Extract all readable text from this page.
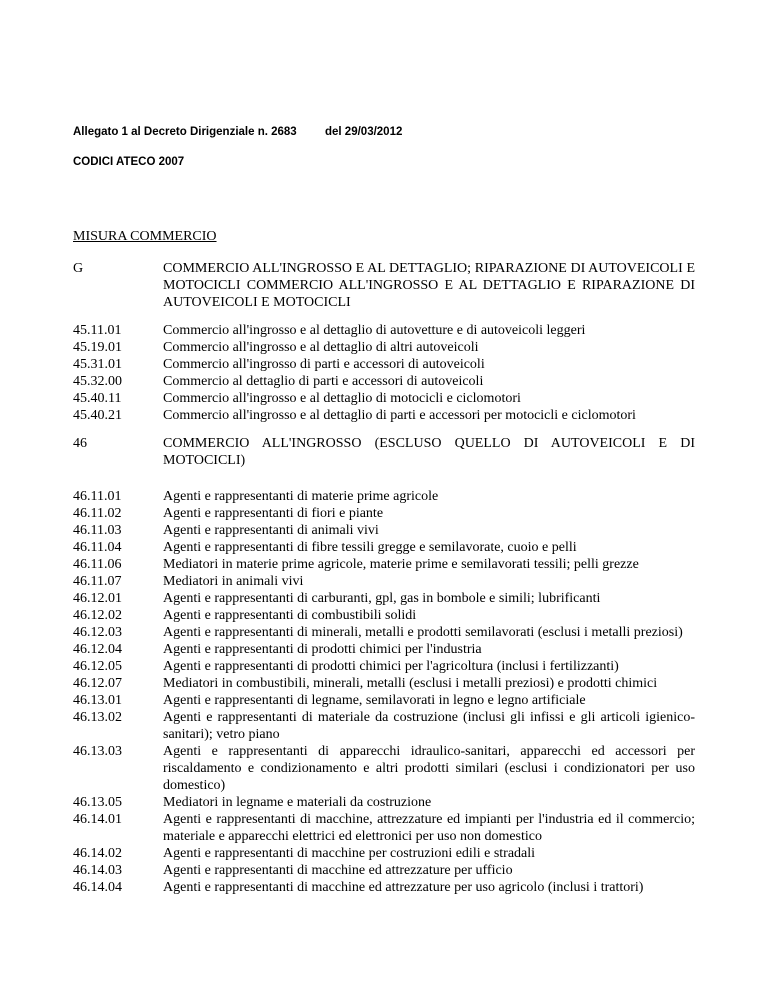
Allegato 1 al Decreto Dirigenziale n. 2683 del 29/03/2012
CODICI ATECO 2007
MISURA COMMERCIO
G	COMMERCIO ALL'INGROSSO E AL DETTAGLIO; RIPARAZIONE DI AUTOVEICOLI E MOTOCICLI COMMERCIO ALL'INGROSSO E AL DETTAGLIO E RIPARAZIONE DI AUTOVEICOLI E MOTOCICLI
45.11.01	Commercio all'ingrosso e al dettaglio di autovetture e di autoveicoli leggeri
45.19.01	Commercio all'ingrosso e al dettaglio di altri autoveicoli
45.31.01	Commercio all'ingrosso di parti e accessori di autoveicoli
45.32.00	Commercio al dettaglio di parti e accessori di autoveicoli
45.40.11	Commercio all'ingrosso e al dettaglio di motocicli e ciclomotori
45.40.21	Commercio all'ingrosso e al dettaglio di parti e accessori per motocicli e ciclomotori
46	COMMERCIO ALL'INGROSSO (ESCLUSO QUELLO DI AUTOVEICOLI E DI MOTOCICLI)
46.11.01	Agenti e rappresentanti di materie prime agricole
46.11.02	Agenti e rappresentanti di fiori e piante
46.11.03	Agenti e rappresentanti di animali vivi
46.11.04	Agenti e rappresentanti di fibre tessili gregge e semilavorate, cuoio e pelli
46.11.06	Mediatori in materie prime agricole, materie prime e semilavorati tessili; pelli grezze
46.11.07	Mediatori in animali vivi
46.12.01	Agenti e rappresentanti di carburanti, gpl, gas in bombole e simili; lubrificanti
46.12.02	Agenti e rappresentanti di combustibili solidi
46.12.03	Agenti e rappresentanti di minerali, metalli e prodotti semilavorati (esclusi i metalli preziosi)
46.12.04	Agenti e rappresentanti di prodotti chimici per l'industria
46.12.05	Agenti e rappresentanti di prodotti chimici per l'agricoltura (inclusi i fertilizzanti)
46.12.07	Mediatori in combustibili, minerali, metalli (esclusi i metalli preziosi) e prodotti chimici
46.13.01	Agenti e rappresentanti di legname, semilavorati in legno e legno artificiale
46.13.02	Agenti e rappresentanti di materiale da costruzione (inclusi gli infissi e gli articoli igienico-sanitari); vetro piano
46.13.03	Agenti e rappresentanti di apparecchi idraulico-sanitari, apparecchi ed accessori per riscaldamento e condizionamento e altri prodotti similari (esclusi i condizionatori per uso domestico)
46.13.05	Mediatori in legname e materiali da costruzione
46.14.01	Agenti e rappresentanti di macchine, attrezzature ed impianti per l'industria ed il commercio; materiale e apparecchi elettrici ed elettronici per uso non domestico
46.14.02	Agenti e rappresentanti di macchine per costruzioni edili e stradali
46.14.03	Agenti e rappresentanti di macchine ed attrezzature per ufficio
46.14.04	Agenti e rappresentanti di macchine ed attrezzature per uso agricolo (inclusi i trattori)
